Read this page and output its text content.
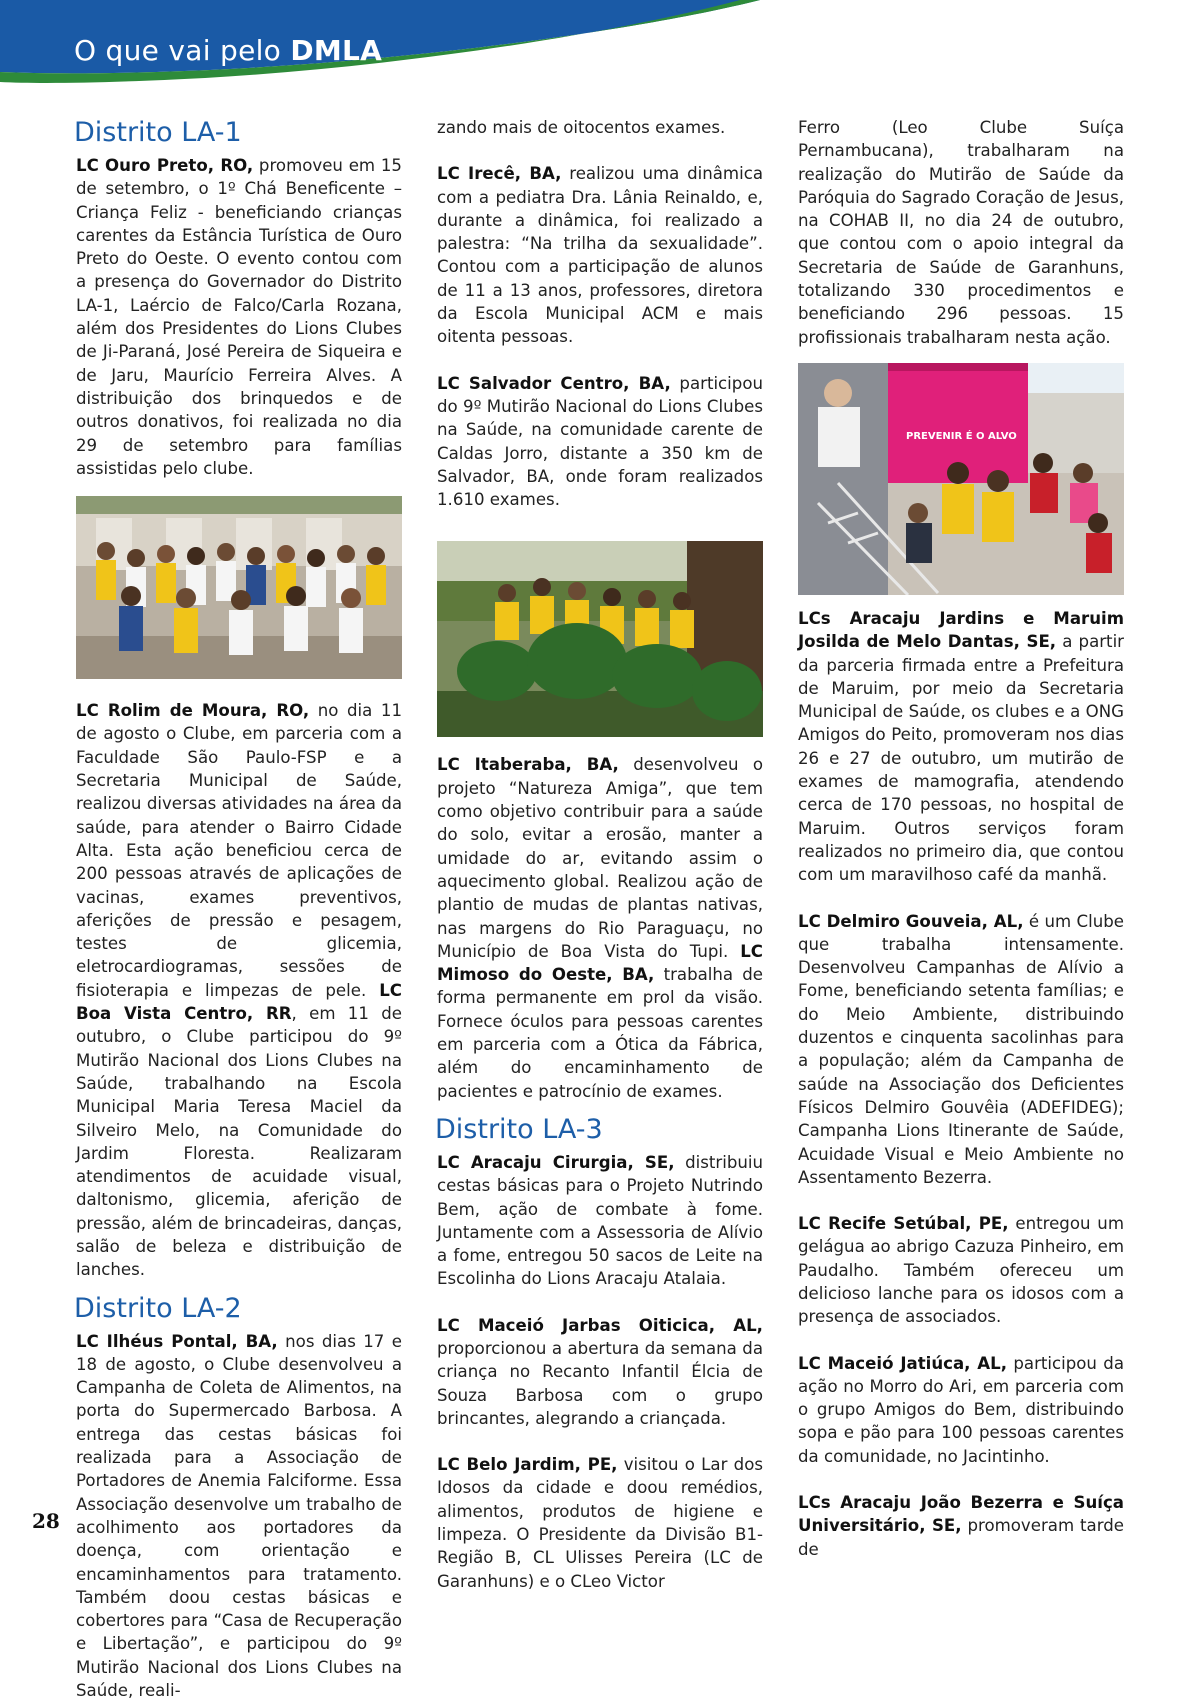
O que vai pelo DMLA
Distrito LA-1

LC Ouro Preto, RO, promoveu em 15 de setembro, o 1º Chá Beneficente – Criança Feliz - beneficiando crianças carentes da Estância Turística de Ouro Preto do Oeste. O evento contou com a presença do Governador do Distrito LA-1, Laércio de Falco/Carla Rozana, além dos Presidentes do Lions Clubes de Ji-Paraná, José Pereira de Siqueira e de Jaru, Maurício Ferreira Alves. A distribuição dos brinquedos e de outros donativos, foi realizada no dia 29 de setembro para famílias assistidas pelo clube.

LC Rolim de Moura, RO, no dia 11 de agosto o Clube, em parceria com a Faculdade São Paulo-FSP e a Secretaria Municipal de Saúde, realizou diversas atividades na área da saúde, para atender o Bairro Cidade Alta. Esta ação beneficiou cerca de 200 pessoas através de aplicações de vacinas, exames preventivos, aferições de pressão e pesagem, testes de glicemia, eletrocardiogramas, sessões de fisioterapia e limpezas de pele. LC Boa Vista Centro, RR, em 11 de outubro, o Clube participou do 9º Mutirão Nacional dos Lions Clubes na Saúde, trabalhando na Escola Municipal Maria Teresa Maciel da Silveiro Melo, na Comunidade do Jardim Floresta. Realizaram atendimentos de acuidade visual, daltonismo, glicemia, aferição de pressão, além de brincadeiras, danças, salão de beleza e distribuição de lanches.

Distrito LA-2

LC Ilhéus Pontal, BA, nos dias 17 e 18 de agosto, o Clube desenvolveu a Campanha de Coleta de Alimentos, na porta do Supermercado Barbosa. A entrega das cestas básicas foi realizada para a Associação de Portadores de Anemia Falciforme. Essa Associação desenvolve um trabalho de acolhimento aos portadores da doença, com orientação e encaminhamentos para tratamento. Também doou cestas básicas e cobertores para “Casa de Recuperação e Libertação”, e participou do 9º Mutirão Nacional dos Lions Clubes na Saúde, reali-

zando mais de oitocentos exames.

LC Irecê, BA, realizou uma dinâmica com a pediatra Dra. Lânia Reinaldo, e, durante a dinâmica, foi realizado a palestra: “Na trilha da sexualidade”. Contou com a participação de alunos de 11 a 13 anos, professores, diretora da Escola Municipal ACM e mais oitenta pessoas.

LC Salvador Centro, BA, participou do 9º Mutirão Nacional do Lions Clubes na Saúde, na comunidade carente de Caldas Jorro, distante a 350 km de Salvador, BA, onde foram realizados 1.610 exames.

LC Itaberaba, BA, desenvolveu o projeto “Natureza Amiga”, que tem como objetivo contribuir para a saúde do solo, evitar a erosão, manter a umidade do ar, evitando assim o aquecimento global. Realizou ação de plantio de mudas de plantas nativas, nas margens do Rio Paraguaçu, no Município de Boa Vista do Tupi. LC Mimoso do Oeste, BA, trabalha de forma permanente em prol da visão. Fornece óculos para pessoas carentes em parceria com a Ótica da Fábrica, além do encaminhamento de pacientes e patrocínio de exames.

Distrito LA-3

LC Aracaju Cirurgia, SE, distribuiu cestas básicas para o Projeto Nutrindo Bem, ação de combate à fome. Juntamente com a Assessoria de Alívio a fome, entregou 50 sacos de Leite na Escolinha do Lions Aracaju Atalaia.

LC Maceió Jarbas Oiticica, AL, proporcionou a abertura da semana da criança no Recanto Infantil Élcia de Souza Barbosa com o grupo brincantes, alegrando a criançada.

LC Belo Jardim, PE, visitou o Lar dos Idosos da cidade e doou remédios, alimentos, produtos de higiene e limpeza. O Presidente da Divisão B1- Região B, CL Ulisses Pereira (LC de Garanhuns) e o CLeo Victor

Ferro (Leo Clube Suíça Pernambucana), trabalharam na realização do Mutirão de Saúde da Paróquia do Sagrado Coração de Jesus, na COHAB II, no dia 24 de outubro, que contou com o apoio integral da Secretaria de Saúde de Garanhuns, totalizando 330 procedimentos e beneficiando 296 pessoas. 15 profissionais trabalharam nesta ação.

PREVENIR É O ALVO

LCs Aracaju Jardins e Maruim Josilda de Melo Dantas, SE, a partir da parceria firmada entre a Prefeitura de Maruim, por meio da Secretaria Municipal de Saúde, os clubes e a ONG Amigos do Peito, promoveram nos dias 26 e 27 de outubro, um mutirão de exames de mamografia, atendendo cerca de 170 pessoas, no hospital de Maruim. Outros serviços foram realizados no primeiro dia, que contou com um maravilhoso café da manhã.

LC Delmiro Gouveia, AL, é um Clube que trabalha intensamente. Desenvolveu Campanhas de Alívio a Fome, beneficiando setenta famílias; e do Meio Ambiente, distribuindo duzentos e cinquenta sacolinhas para a população; além da Campanha de saúde na Associação dos Deficientes Físicos Delmiro Gouvêia (ADEFIDEG); Campanha Lions Itinerante de Saúde, Acuidade Visual e Meio Ambiente no Assentamento Bezerra.

LC Recife Setúbal, PE, entregou um gelágua ao abrigo Cazuza Pinheiro, em Paudalho. Também ofereceu um delicioso lanche para os idosos com a presença de associados.

LC Maceió Jatiúca, AL, participou da ação no Morro do Ari, em parceria com o grupo Amigos do Bem, distribuindo sopa e pão para 100 pessoas carentes da comunidade, no Jacintinho.

LCs Aracaju João Bezerra e Suíça Universitário, SE, promoveram tarde de

28
